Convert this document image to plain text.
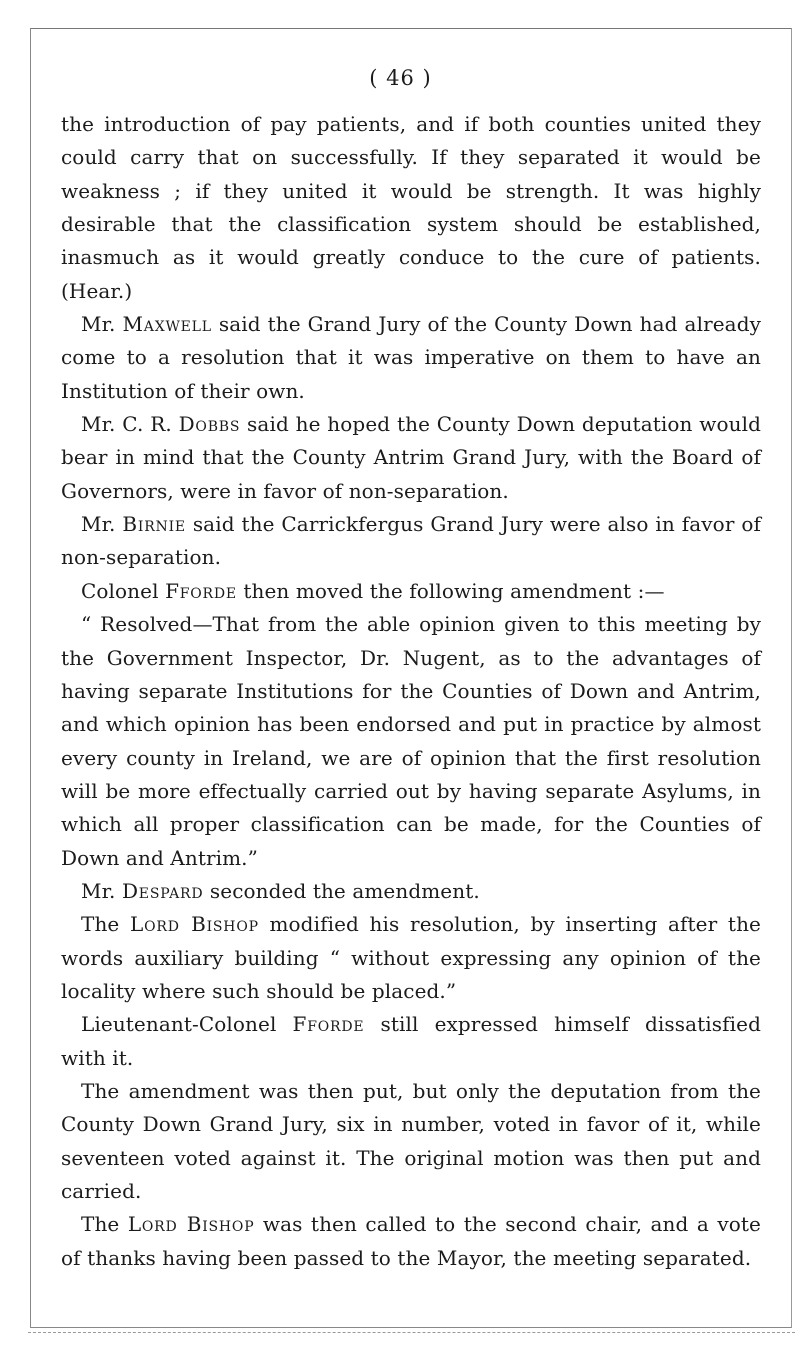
( 46 )

the introduction of pay patients, and if both counties united they could carry that on successfully. If they separated it would be weakness ; if they united it would be strength. It was highly desirable that the classification system should be established, inasmuch as it would greatly conduce to the cure of patients. (Hear.)

Mr. Maxwell said the Grand Jury of the County Down had already come to a resolution that it was imperative on them to have an Institution of their own.

Mr. C. R. Dobbs said he hoped the County Down deputation would bear in mind that the County Antrim Grand Jury, with the Board of Governors, were in favor of non-separation.

Mr. Birnie said the Carrickfergus Grand Jury were also in favor of non-separation.

Colonel Fforde then moved the following amendment :—

“ Resolved—That from the able opinion given to this meeting by the Government Inspector, Dr. Nugent, as to the advantages of having separate Institutions for the Counties of Down and Antrim, and which opinion has been endorsed and put in practice by almost every county in Ireland, we are of opinion that the first resolution will be more effectually carried out by having separate Asylums, in which all proper classification can be made, for the Counties of Down and Antrim.”

Mr. Despard seconded the amendment.

The Lord Bishop modified his resolution, by inserting after the words auxiliary building “ without expressing any opinion of the locality where such should be placed.”

Lieutenant-Colonel Fforde still expressed himself dissatisfied with it.

The amendment was then put, but only the deputation from the County Down Grand Jury, six in number, voted in favor of it, while seventeen voted against it. The original motion was then put and carried.

The Lord Bishop was then called to the second chair, and a vote of thanks having been passed to the Mayor, the meeting separated.
